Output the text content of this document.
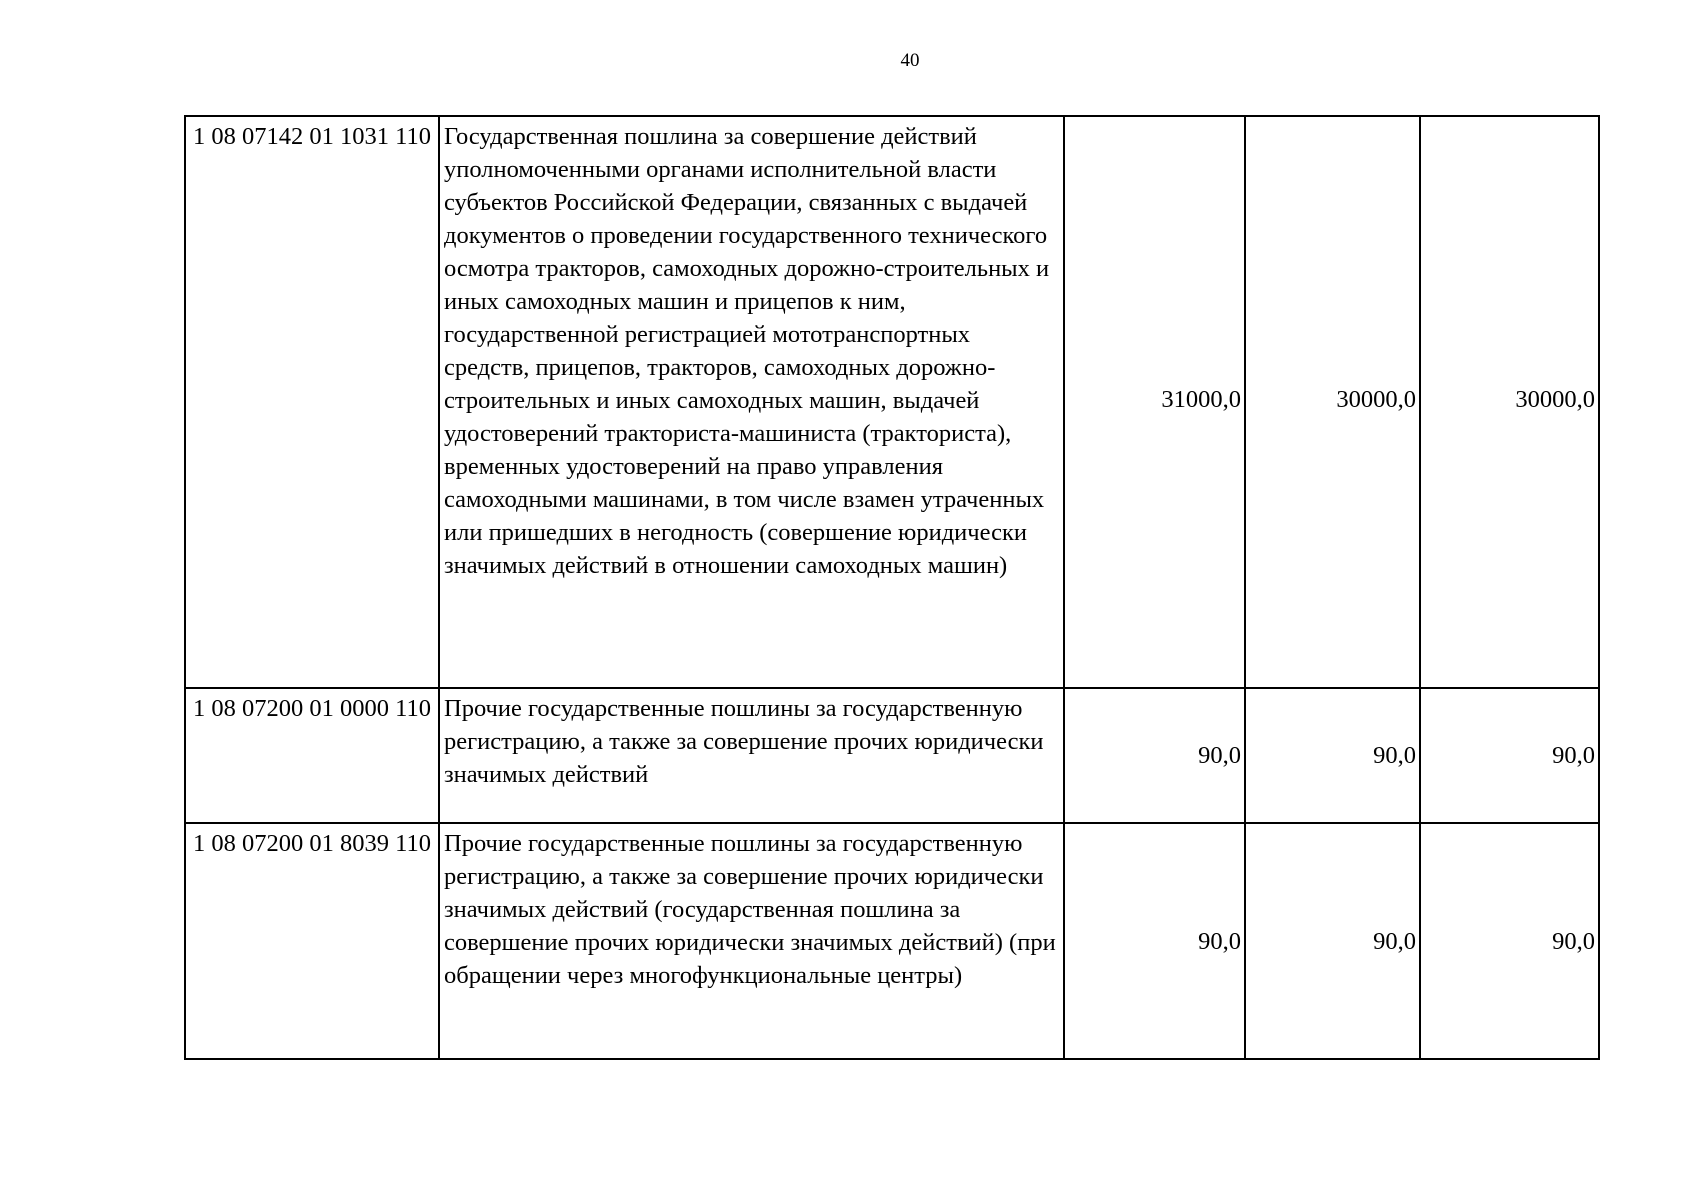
40
1 08 07142 01 1031 110	Государственная пошлина за совершение действий уполномоченными органами исполнительной власти субъектов Российской Федерации, связанных с выдачей документов о проведении государственного технического осмотра тракторов, самоходных дорожно-строительных и иных самоходных машин и прицепов к ним, государственной регистрацией мототранспортных средств, прицепов, тракторов, самоходных дорожно-строительных и иных самоходных машин, выдачей удостоверений тракториста-машиниста (тракториста), временных удостоверений на право управления самоходными машинами, в том числе взамен утраченных или пришедших в негодность (совершение юридически значимых действий в отношении самоходных машин)	31000,0	30000,0	30000,0
1 08 07200 01 0000 110	Прочие государственные пошлины за государственную регистрацию, а также за совершение прочих юридически значимых действий	90,0	90,0	90,0
1 08 07200 01 8039 110	Прочие государственные пошлины за государственную регистрацию, а также за совершение прочих юридически значимых действий (государственная пошлина за совершение прочих юридически значимых действий) (при обращении через многофункциональные центры)	90,0	90,0	90,0
